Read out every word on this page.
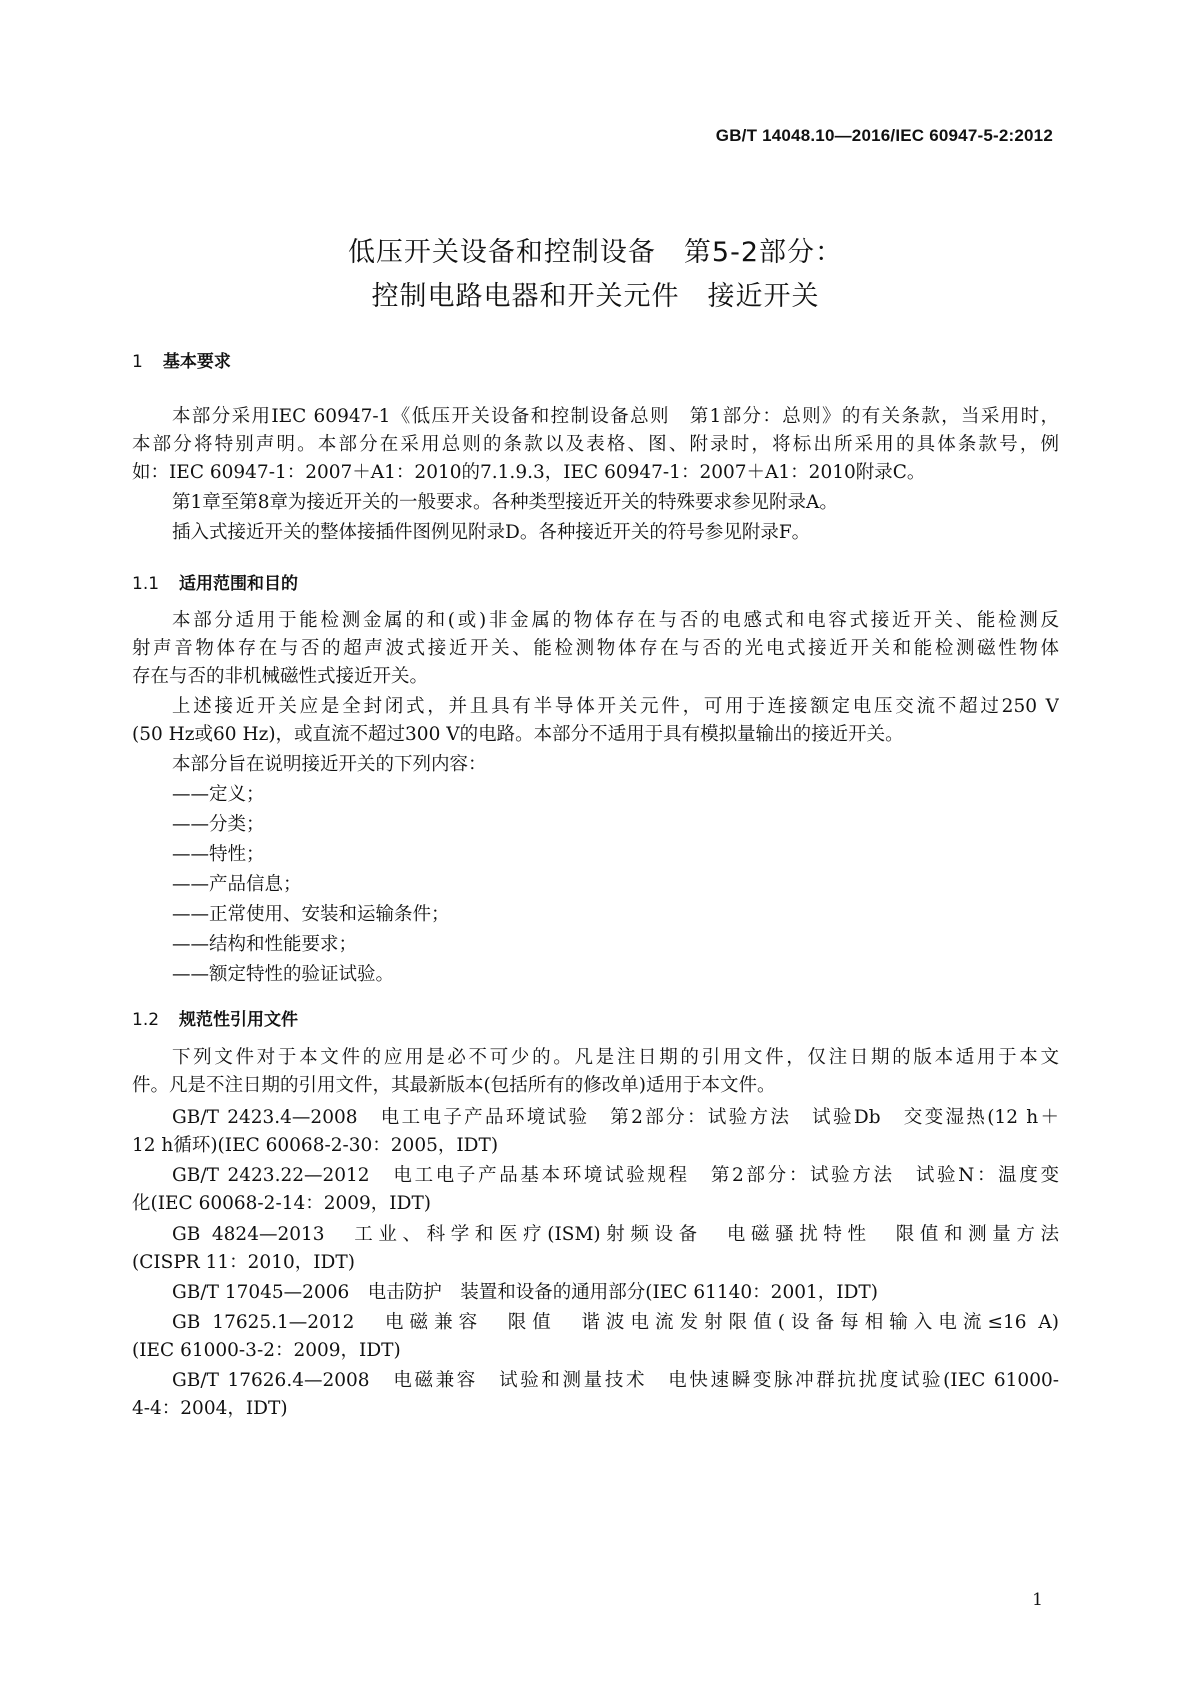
GB/T 14048.10—2016/IEC 60947-5-2:2012
低压开关设备和控制设备　第5-2部分：
控制电路电器和开关元件　接近开关
1 基本要求
本部分采用IEC 60947-1《低压开关设备和控制设备总则　第1部分：总则》的有关条款，当采用时，
本部分将特别声明。本部分在采用总则的条款以及表格、图、附录时，将标出所采用的具体条款号，例
如：IEC 60947-1：2007＋A1：2010的7.1.9.3，IEC 60947-1：2007＋A1：2010附录C。
第1章至第8章为接近开关的一般要求。各种类型接近开关的特殊要求参见附录A。
插入式接近开关的整体接插件图例见附录D。各种接近开关的符号参见附录F。
1.1 适用范围和目的
本部分适用于能检测金属的和(或)非金属的物体存在与否的电感式和电容式接近开关、能检测反
射声音物体存在与否的超声波式接近开关、能检测物体存在与否的光电式接近开关和能检测磁性物体
存在与否的非机械磁性式接近开关。
上述接近开关应是全封闭式，并且具有半导体开关元件，可用于连接额定电压交流不超过250 V
(50 Hz或60 Hz)，或直流不超过300 V的电路。本部分不适用于具有模拟量输出的接近开关。
本部分旨在说明接近开关的下列内容：
——定义；
——分类；
——特性；
——产品信息；
——正常使用、安装和运输条件；
——结构和性能要求；
——额定特性的验证试验。
1.2 规范性引用文件
下列文件对于本文件的应用是必不可少的。凡是注日期的引用文件，仅注日期的版本适用于本文
件。凡是不注日期的引用文件，其最新版本(包括所有的修改单)适用于本文件。
GB/T 2423.4—2008　电工电子产品环境试验　第2部分：试验方法　试验Db　交变湿热(12 h＋
12 h循环)(IEC 60068-2-30：2005，IDT)
GB/T 2423.22—2012　电工电子产品基本环境试验规程　第2部分：试验方法　试验N：温度变
化(IEC 60068-2-14：2009，IDT)
GB 4824—2013　工业、科学和医疗(ISM)射频设备　电磁骚扰特性　限值和测量方法
(CISPR 11：2010，IDT)
GB/T 17045—2006　电击防护　装置和设备的通用部分(IEC 61140：2001，IDT)
GB 17625.1—2012　电磁兼容　限值　谐波电流发射限值(设备每相输入电流≤16 A)
(IEC 61000-3-2：2009，IDT)
GB/T 17626.4—2008　电磁兼容　试验和测量技术　电快速瞬变脉冲群抗扰度试验(IEC 61000-
4-4：2004，IDT)
1
